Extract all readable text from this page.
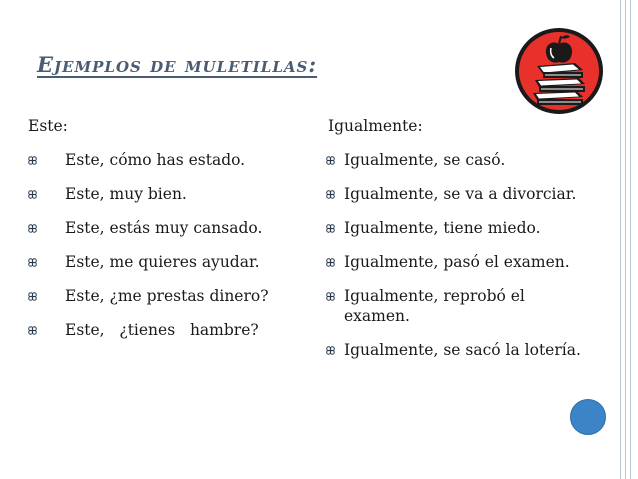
Ejemplos de muletillas:

Este:

Este, cómo has estado.
Este, muy bien.
Este, estás muy cansado.
Este, me quieres ayudar.
Este, ¿me prestas dinero?
Este,   ¿tienes   hambre?

Igualmente:

Igualmente, se casó.
Igualmente, se va a divorciar.
Igualmente, tiene miedo.
Igualmente, pasó el examen.
Igualmente, reprobó el examen.
Igualmente, se sacó la lotería.
